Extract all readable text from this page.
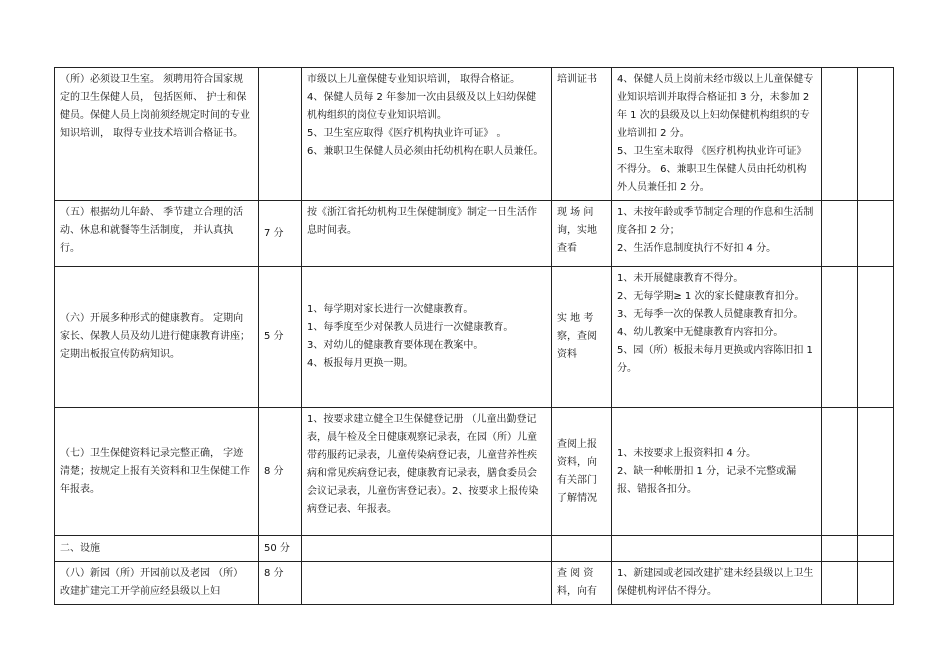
（所）必须设卫生室。 须聘用符合国家规定的卫生保健人员， 包括医师、 护士和保健员。保健人员上岗前须经规定时间的专业知识培训， 取得专业技术培训合格证书。		市级以上儿童保健专业知识培训， 取得合格证。
4、保健人员每 2 年参加一次由县级及以上妇幼保健机构组织的岗位专业知识培训。
5、卫生室应取得《医疗机构执业许可证》 。
6、兼职卫生保健人员必须由托幼机构在职人员兼任。	培训证书	4、保健人员上岗前未经市级以上儿童保健专业知识培训并取得合格证扣 3 分，未参加 2 年 1 次的县级及以上妇幼保健机构组织的专业培训扣 2 分。
5、卫生室未取得 《医疗机构执业许可证》不得分。 6、兼职卫生保健人员由托幼机构外人员兼任扣 2 分。		
（五）根据幼儿年龄、 季节建立合理的活动、休息和就餐等生活制度， 并认真执行。	7 分	按《浙江省托幼机构卫生保健制度》制定一日生活作息时间表。	现 场 问询，实地查看	1、未按年龄或季节制定合理的作息和生活制度各扣 2 分；
2、生活作息制度执行不好扣 4 分。		
（六）开展多种形式的健康教育。 定期向家长、保教人员及幼儿进行健康教育讲座；定期出板报宣传防病知识。	5 分	1、每学期对家长进行一次健康教育。
1、每季度至少对保教人员进行一次健康教育。
3、对幼儿的健康教育要体现在教案中。
4、板报每月更换一期。	实 地 考察，查阅资料	1、未开展健康教育不得分。
2、无每学期≥ 1 次的家长健康教育扣分。
3、无每季一次的保教人员健康教育扣分。
4、幼儿教案中无健康教育内容扣分。
5、园（所）板报未每月更换或内容陈旧扣 1 分。		
（七）卫生保健资料记录完整正确， 字迹清楚；按规定上报有关资料和卫生保健工作年报表。	8 分	1、按要求建立健全卫生保健登记册 （儿童出勤登记表，晨午检及全日健康观察记录表，在园（所）儿童带药服药记录表，儿童传染病登记表，儿童营养性疾病和常见疾病登记表，健康教育记录表，膳食委员会会议记录表，儿童伤害登记表）。2、按要求上报传染病登记表、年报表。	查阅上报资料，向有关部门了解情况	1、未按要求上报资料扣 4 分。
2、缺一种帐册扣 1 分，记录不完整或漏报、错报各扣分。		
二、设施	50 分					
（八）新园（所）开园前以及老园 （所）改建扩建完工开学前应经县级以上妇	8 分		查 阅 资料，向有	1、新建园或老园改建扩建未经县级以上卫生保健机构评估不得分。		
